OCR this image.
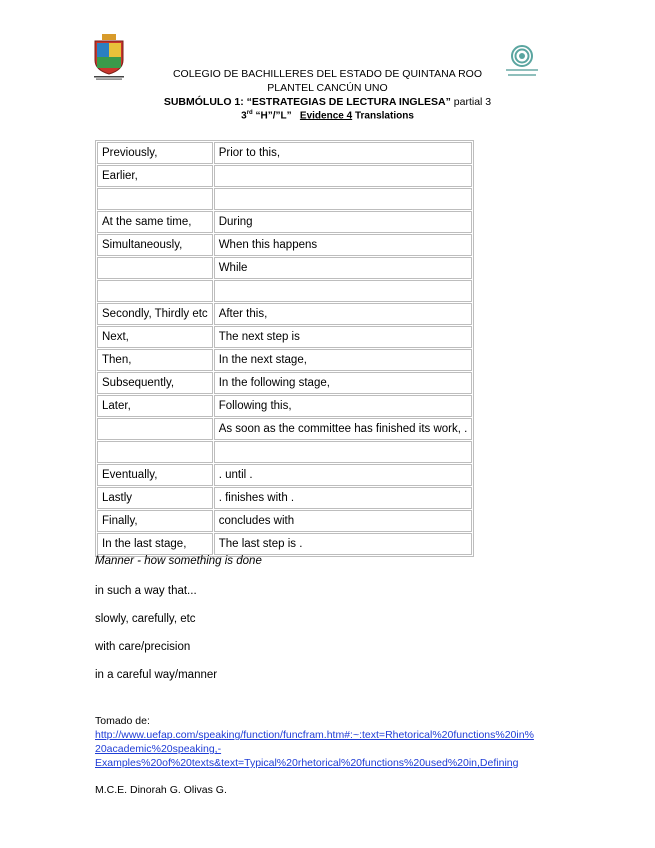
COLEGIO DE BACHILLERES DEL ESTADO DE QUINTANA ROO
PLANTEL CANCÚN UNO
SUBMÓLULO 1: “ESTRATEGIAS DE LECTURA INGLESA” partial 3
3rd “H”/”L” Evidence 4 Translations
Previously,	Prior to this,
Earlier,	

At the same time,	During
Simultaneously,	When this happens
	While

Secondly, Thirdly etc	After this,
Next,	The next step is
Then,	In the next stage,
Subsequently,	In the following stage,
Later,	Following this,
	As soon as the committee has finished its work, .

Eventually,	. until .
Lastly	. finishes with .
Finally,	concludes with
In the last stage,	The last step is .
Manner - how something is done
in such a way that...
slowly, carefully, etc
with care/precision
in a careful way/manner
Tomado de:
http://www.uefap.com/speaking/function/funcfram.htm#:~:text=Rhetorical%20functions%20in%
20academic%20speaking,-
Examples%20of%20texts&text=Typical%20rhetorical%20functions%20used%20in,Defining
M.C.E. Dinorah G. Olivas G.
